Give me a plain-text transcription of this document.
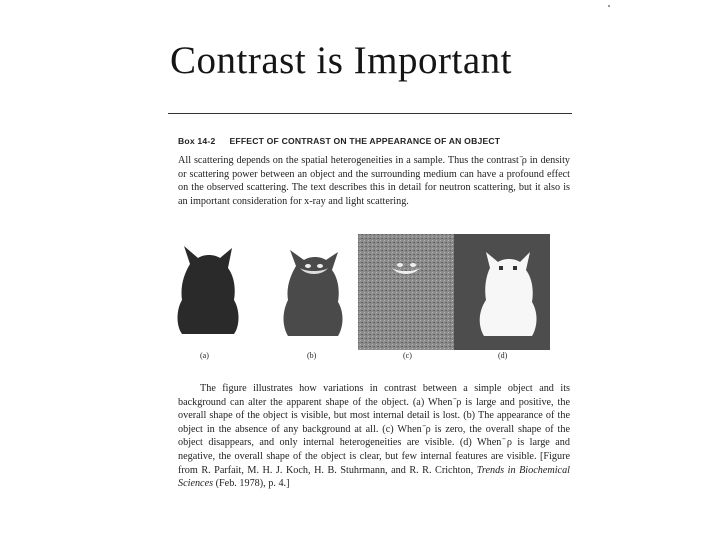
Contrast is Important
Box 14-2 EFFECT OF CONTRAST ON THE APPEARANCE OF AN OBJECT
All scattering depends on the spatial heterogeneities in a sample. Thus the contrast ̄ρ in density or scattering power between an object and the surrounding medium can have a profound effect on the observed scattering. The text describes this in detail for neutron scattering, but it also is an important consideration for x-ray and light scattering.
(a)	(b)	(c)	(d)
The figure illustrates how variations in contrast between a simple object and its background can alter the apparent shape of the object. (a) When ̄ρ is large and positive, the overall shape of the object is visible, but most internal detail is lost. (b) The appearance of the object in the absence of any background at all. (c) When ̄ρ is zero, the overall shape of the object disappears, and only internal heterogeneities are visible. (d) When ̄ρ is large and negative, the overall shape of the object is clear, but few internal features are visible. [Figure from R. Parfait, M. H. J. Koch, H. B. Stuhrmann, and R. R. Crichton, Trends in Biochemical Sciences (Feb. 1978), p. 4.]
